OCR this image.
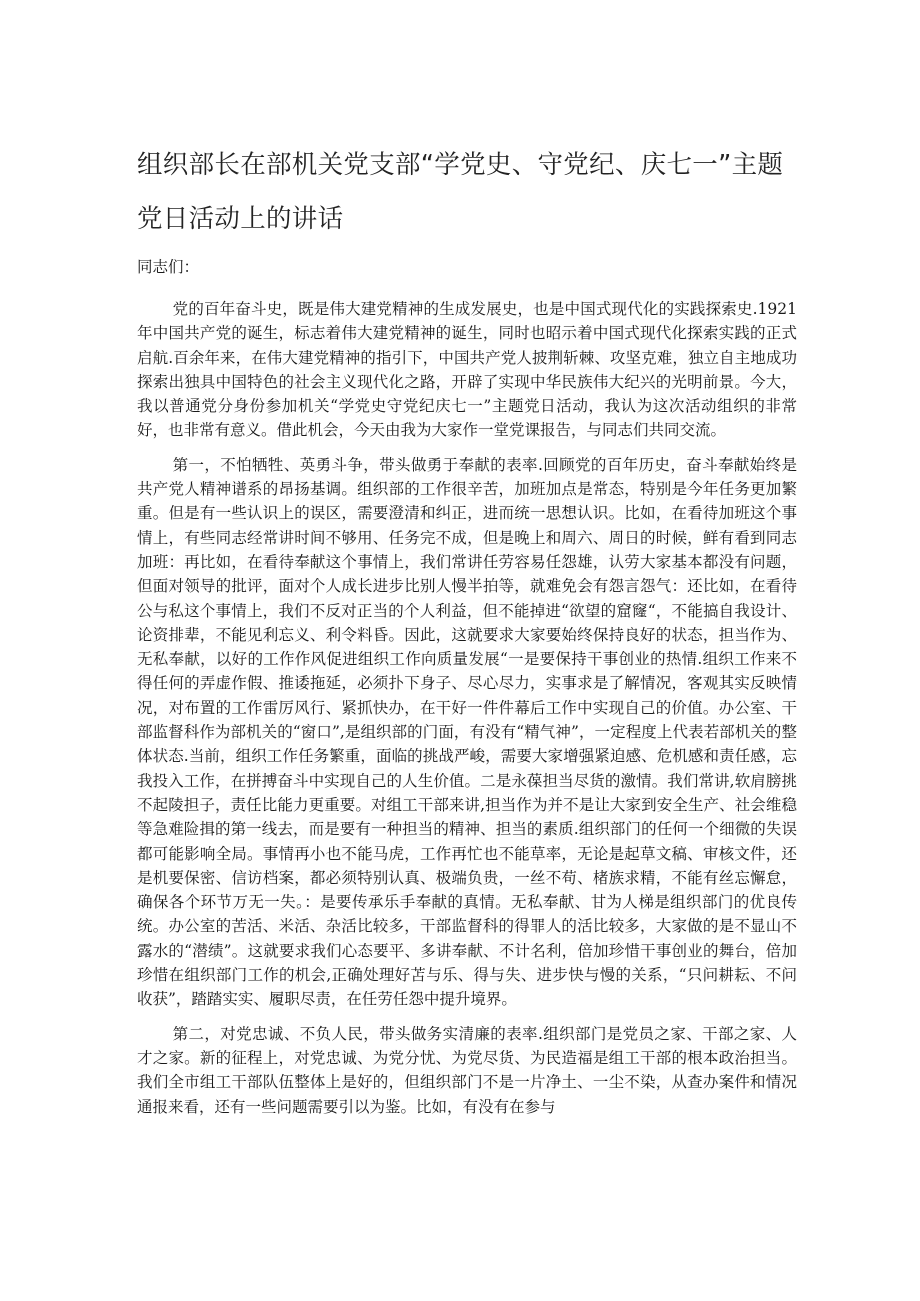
组织部长在部机关党支部“学党史、守党纪、庆七一”主题党日活动上的讲话

同志们：

党的百年奋斗史，既是伟大建党精神的生成发展史，也是中国式现代化的实践探索史.1921年中国共产党的诞生，标志着伟大建党精神的诞生，同时也昭示着中国式现代化探索实践的正式启航.百余年来，在伟大建党精神的指引下，中国共产党人披荆斩棘、攻坚克难，独立自主地成功探索出独具中国特色的社会主义现代化之路，开辟了实现中华民族伟大纪兴的光明前景。今大，我以普通党分身份参加机关“学党史守党纪庆七一”主题党日活动，我认为这次活动组织的非常好，也非常有意义。借此机会，今天由我为大家作一堂党课报告，与同志们共同交流。

第一，不怕牺牲、英勇斗争，带头做勇于奉献的表率.回顾党的百年历史，奋斗奉献始终是共产党人精神谱系的昂扬基调。组织部的工作很辛苦，加班加点是常态，特别是今年任务更加繁重。但是有一些认识上的误区，需要澄清和纠正，进而统一思想认识。比如，在看待加班这个事情上，有些同志经常讲时间不够用、任务完不成，但是晚上和周六、周日的时候，鲜有看到同志加班：再比如，在看待奉献这个事情上，我们常讲任劳容易任怨雄，认劳大家基本都没有问题，但面对领导的批评，面对个人成长进步比别人慢半拍等，就难免会有怨言怨气：还比如，在看待公与私这个事情上，我们不反对正当的个人利益，但不能掉进“欲望的窟窿“，不能搞自我设计、论资排辈，不能见利忘义、利令料昏。因此，这就要求大家要始终保持良好的状态，担当作为、无私奉献，以好的工作作风促进组织工作向质量发展“一是要保持干事创业的热情.组织工作来不得任何的弄虚作假、推诿拖延，必须扑下身子、尽心尽力，实事求是了解情况，客观其实反映情况，对布置的工作雷厉风行、紧抓快办，在干好一件件幕后工作中实现自己的价值。办公室、干部监督科作为部机关的“窗口”,是组织部的门面，有没有“精气神”，一定程度上代表若部机关的整体状态.当前，组织工作任务繁重，面临的挑战严峻，需要大家增强紧迫感、危机感和责任感，忘我投入工作，在拼搏奋斗中实现自己的人生价值。二是永葆担当尽货的激情。我们常讲,软肩膀挑不起陵担子，责任比能力更重要。对组工干部来讲,担当作为并不是让大家到安全生产、社会维稳等急难险揖的第一线去，而是要有一种担当的精神、担当的素质.组织部门的任何一个细微的失误都可能影响全局。事情再小也不能马虎，工作再忙也不能草率，无论是起草文稿、审核文件，还是机要保密、信访档案，都必须特别认真、极端负贵，一丝不苟、楮族求精，不能有丝忘懈怠，确保各个环节万无一失。：是要传承乐手奉献的真情。无私奉献、甘为人梯是组织部门的优良传统。办公室的苦活、米活、杂活比较多，干部监督科的得罪人的活比较多，大家做的是不显山不露水的“潜绩”。这就要求我们心态要平、多讲奉献、不计名利，倍加珍惜干事创业的舞台，倍加珍惜在组织部门工作的机会,正确处理好苫与乐、得与失、进步快与慢的关系，“只问耕耘、不问收获”，踏踏实实、履职尽责，在任劳任怨中提升境界。

第二，对党忠诚、不负人民，带头做务实清廉的表率.组织部门是党员之家、干部之家、人才之家。新的征程上，对党忠诚、为党分忧、为党尽货、为民造福是组工干部的根本政治担当。我们全市组工干部队伍整体上是好的，但组织部门不是一片净土、一尘不染，从查办案件和情况通报来看，还有一些问题需要引以为鉴。比如，有没有在参与
